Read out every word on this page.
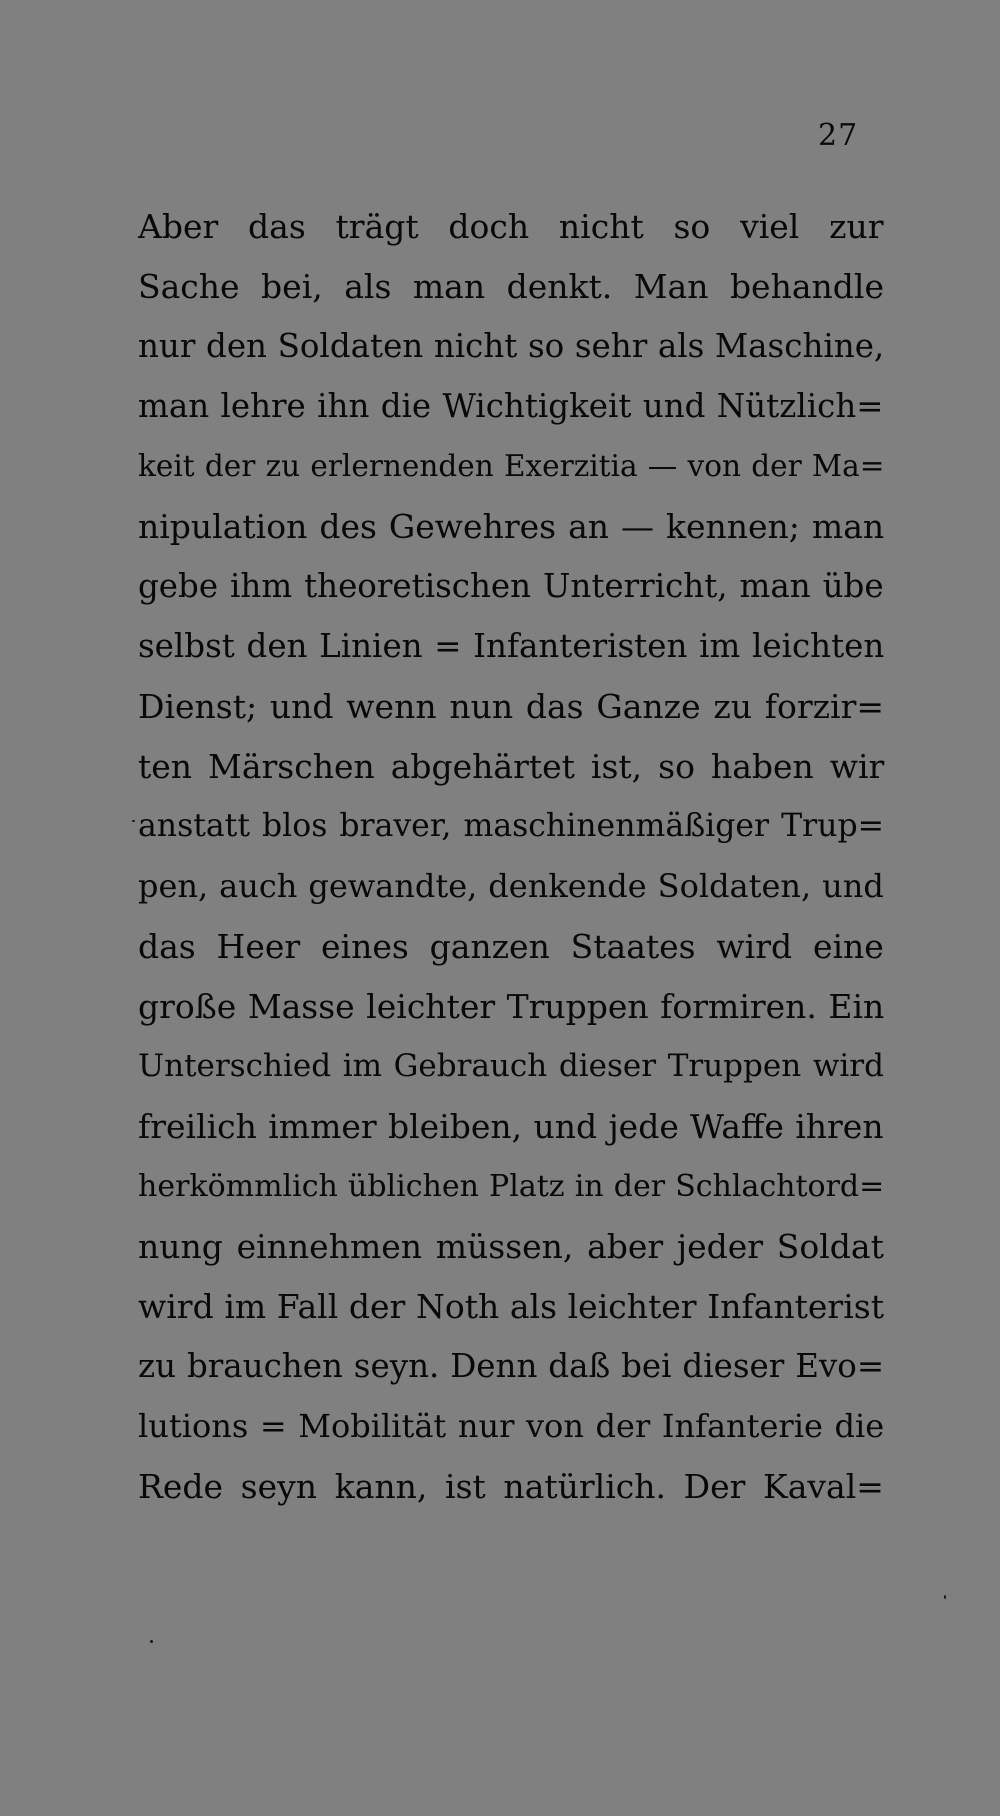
27
Aber das trägt doch nicht so viel zur
Sache bei, als man denkt. Man behandle
nur den Soldaten nicht so sehr als Maschine,
man lehre ihn die Wichtigkeit und Nützlich=
keit der zu erlernenden Exerzitia — von der Ma=
nipulation des Gewehres an — kennen; man
gebe ihm theoretischen Unterricht, man übe
selbst den Linien = Infanteristen im leichten
Dienst; und wenn nun das Ganze zu forzir=
ten Märschen abgehärtet ist, so haben wir
anstatt blos braver, maschinenmäßiger Trup=
pen, auch gewandte, denkende Soldaten, und
das Heer eines ganzen Staates wird eine
große Masse leichter Truppen formiren. Ein
Unterschied im Gebrauch dieser Truppen wird
freilich immer bleiben, und jede Waffe ihren
herkömmlich üblichen Platz in der Schlachtord=
nung einnehmen müssen, aber jeder Soldat
wird im Fall der Noth als leichter Infanterist
zu brauchen seyn. Denn daß bei dieser Evo=
lutions = Mobilität nur von der Infanterie die
Rede seyn kann, ist natürlich. Der Kaval=
